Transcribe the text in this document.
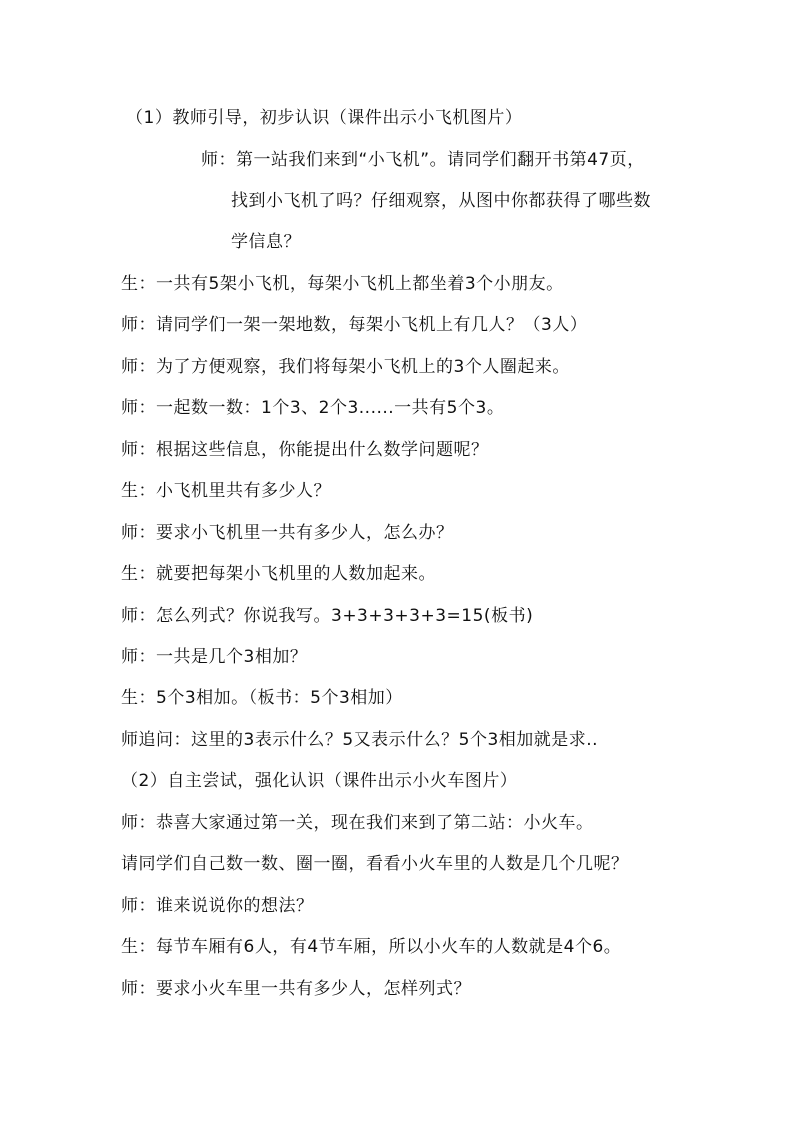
（1）教师引导，初步认识（课件出示小飞机图片）
师：第一站我们来到“小飞机”。请同学们翻开书第47页，
找到小飞机了吗？仔细观察，从图中你都获得了哪些数
学信息？
生：一共有5架小飞机，每架小飞机上都坐着3个小朋友。
师：请同学们一架一架地数，每架小飞机上有几人？（3人）
师：为了方便观察，我们将每架小飞机上的3个人圈起来。
师：一起数一数：1个3、2个3......一共有5个3。
师：根据这些信息，你能提出什么数学问题呢？
生：小飞机里共有多少人？
师：要求小飞机里一共有多少人，怎么办？
生：就要把每架小飞机里的人数加起来。
师：怎么列式？你说我写。3+3+3+3+3=15(板书)
师：一共是几个3相加？
生：5个3相加。（板书：5个3相加）
师追问：这里的3表示什么？5又表示什么？5个3相加就是求..
（2）自主尝试，强化认识（课件出示小火车图片）
师：恭喜大家通过第一关，现在我们来到了第二站：小火车。
请同学们自己数一数、圈一圈，看看小火车里的人数是几个几呢？
师：谁来说说你的想法？
生：每节车厢有6人，有4节车厢，所以小火车的人数就是4个6。
师：要求小火车里一共有多少人，怎样列式？
